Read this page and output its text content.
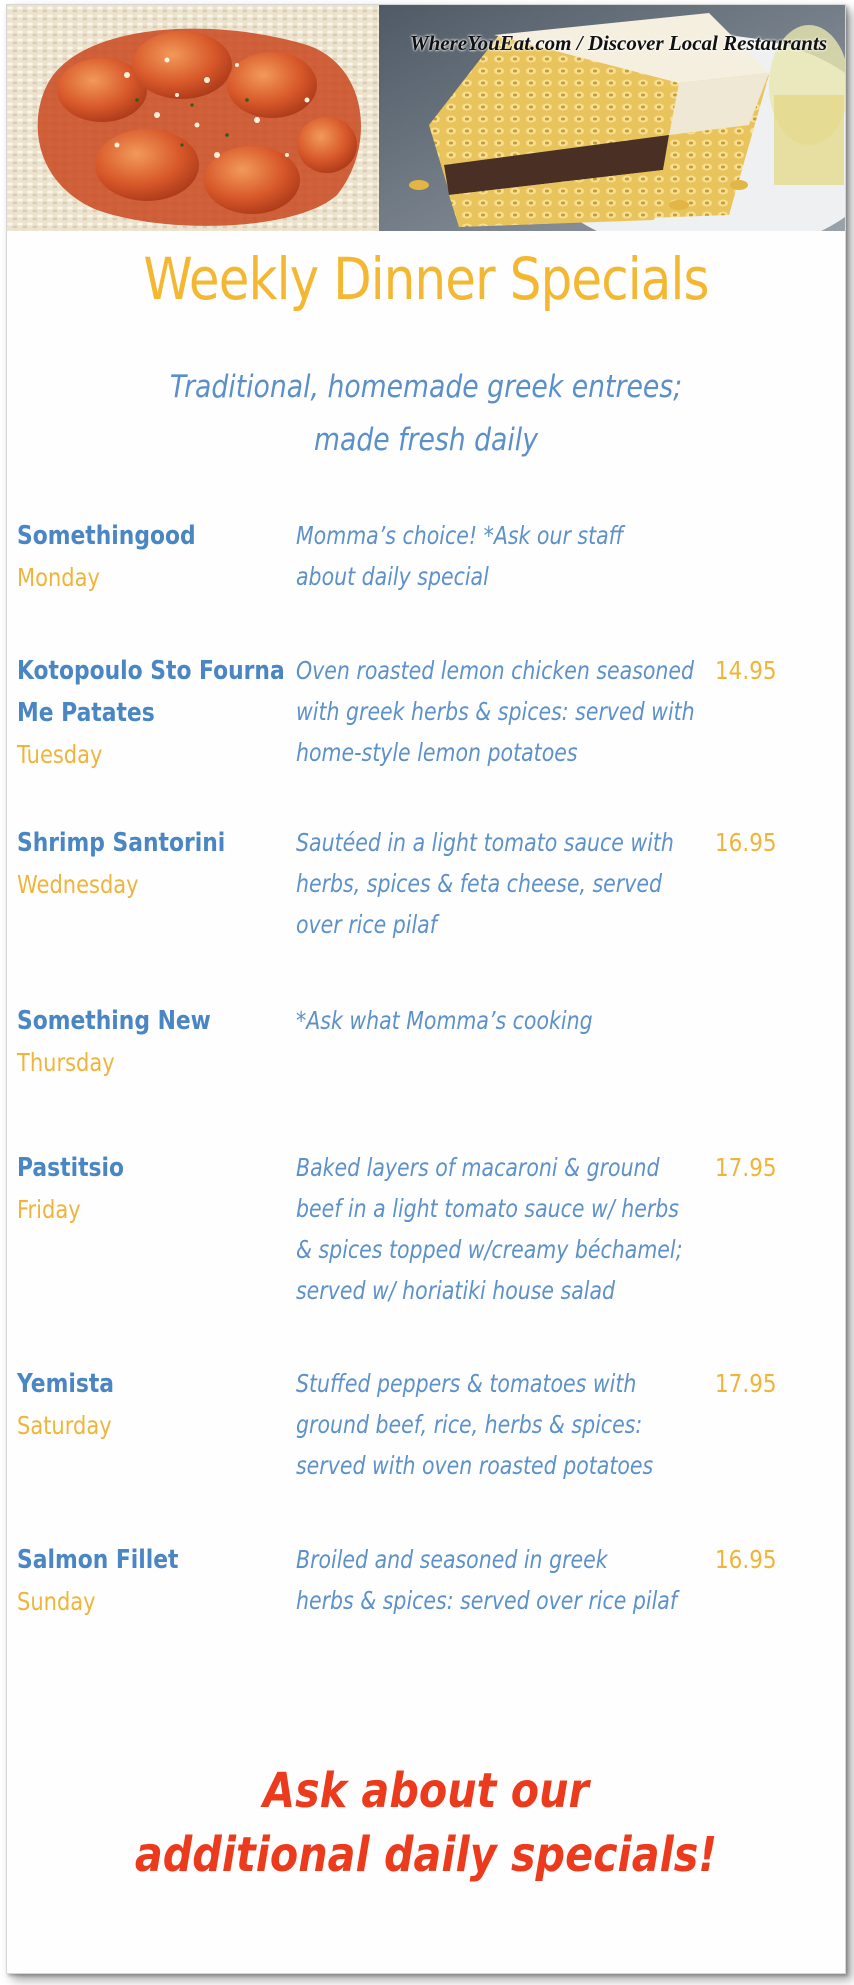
WhereYouEat.com / Discover Local Restaurants
Weekly Dinner Specials
Traditional, homemade greek entrees;
made fresh daily
Somethingood
Monday
Momma’s choice! *Ask our staff
about daily special
Kotopoulo Sto Fourna
Me Patates
Tuesday
Oven roasted lemon chicken seasoned
with greek herbs & spices: served with
home-style lemon potatoes
14.95
Shrimp Santorini
Wednesday
Sautéed in a light tomato sauce with
herbs, spices & feta cheese, served
over rice pilaf
16.95
Something New
Thursday
*Ask what Momma’s cooking
Pastitsio
Friday
Baked layers of macaroni & ground
beef in a light tomato sauce w/ herbs
& spices topped w/creamy béchamel;
served w/ horiatiki house salad
17.95
Yemista
Saturday
Stuffed peppers & tomatoes with
ground beef, rice, herbs & spices:
served with oven roasted potatoes
17.95
Salmon Fillet
Sunday
Broiled and seasoned in greek
herbs & spices: served over rice pilaf
16.95
Ask about our
additional daily specials!
